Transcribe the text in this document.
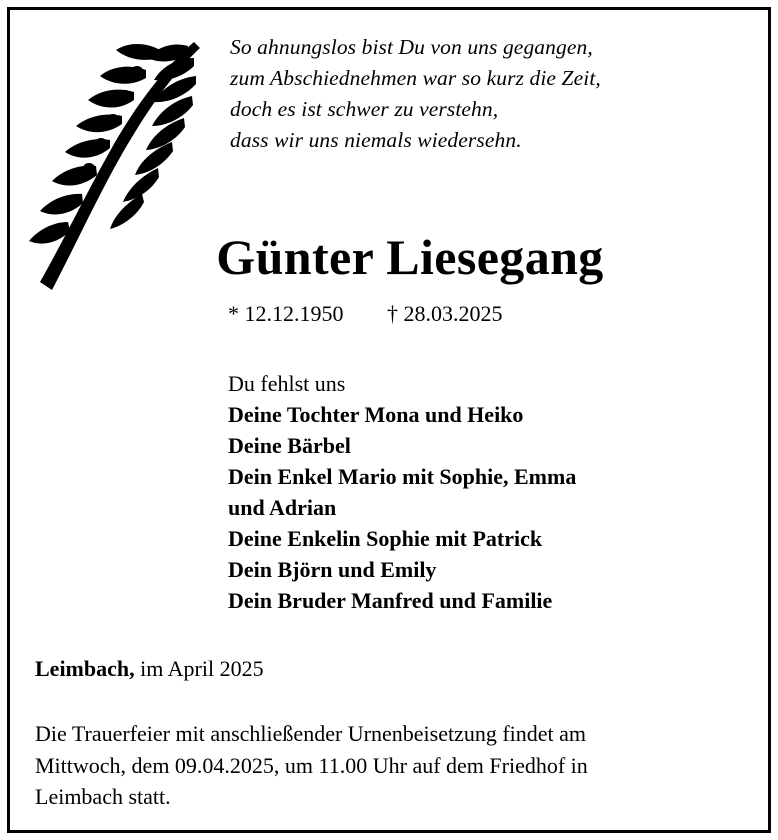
So ahnungslos bist Du von uns gegangen,
zum Abschiednehmen war so kurz die Zeit,
doch es ist schwer zu verstehn,
dass wir uns niemals wiedersehn.
Günter Liesegang
* 12.12.1950 † 28.03.2025
Du fehlst uns
Deine Tochter Mona und Heiko
Deine Bärbel
Dein Enkel Mario mit Sophie, Emma
und Adrian
Deine Enkelin Sophie mit Patrick
Dein Björn und Emily
Dein Bruder Manfred und Familie
Leimbach, im April 2025
Die Trauerfeier mit anschließender Urnenbeisetzung findet am
Mittwoch, dem 09.04.2025, um 11.00 Uhr auf dem Friedhof in
Leimbach statt.
